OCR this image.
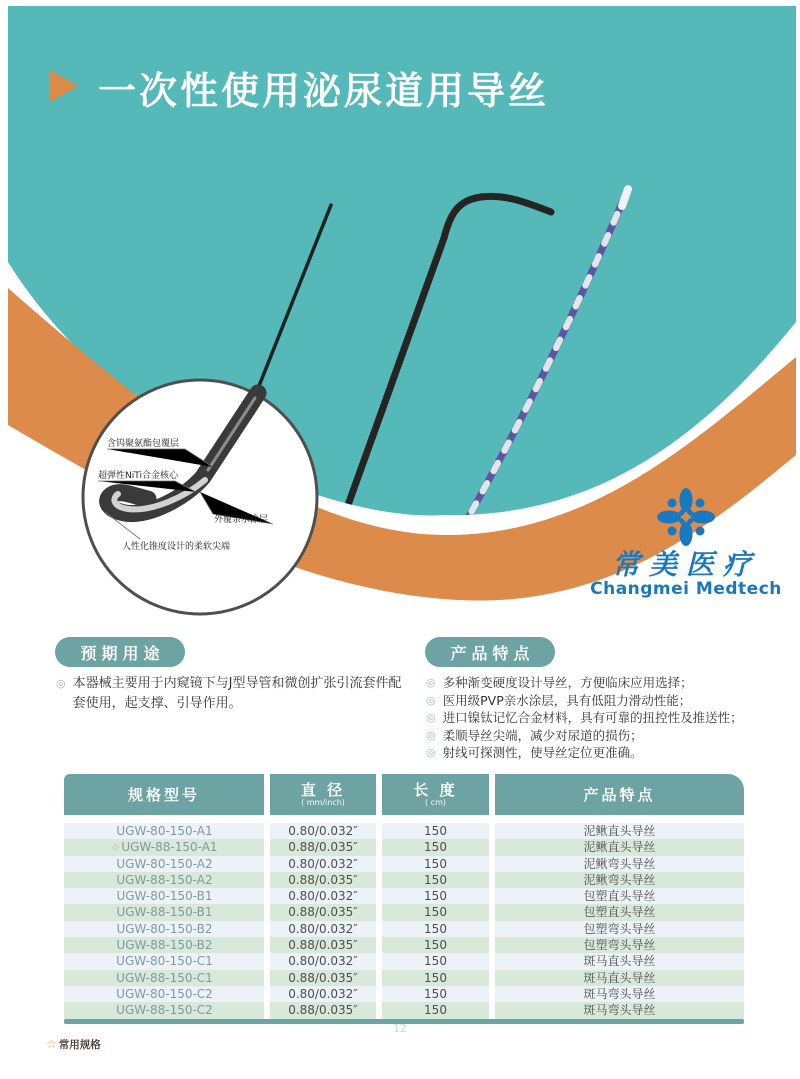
含钨聚氨酯包覆层
超弹性NiTi合金核心
外覆亲水涂层
人性化锥度设计的柔软尖端
一次性使用泌尿道用导丝
常美医疗
Changmei Medtech
预期用途
◎ 本器械主要用于内窥镜下与J型导管和微创扩张引流套件配套使用，起支撑、引导作用。

产品特点
◎ 多种渐变硬度设计导丝，方便临床应用选择；
◎ 医用级PVP亲水涂层，具有低阻力滑动性能；
◎ 进口镍钛记忆合金材料，具有可靠的扭控性及推送性；
◎ 柔顺导丝尖端，减少对尿道的损伤；
◎ 射线可探测性，使导丝定位更准确。
规格型号	直 径
( mm/inch)
长 度
( cm)	产品特点
UGW-80-150-A1	0.80/0.032″	150	泥鳅直头导丝
☆UGW-88-150-A1	0.88/0.035″	150	泥鳅直头导丝
UGW-80-150-A2	0.80/0.032″	150	泥鳅弯头导丝
UGW-88-150-A2	0.88/0.035″	150	泥鳅弯头导丝
UGW-80-150-B1	0.80/0.032″	150	包塑直头导丝
UGW-88-150-B1	0.88/0.035″	150	包塑直头导丝
UGW-80-150-B2	0.80/0.032″	150	包塑弯头导丝
UGW-88-150-B2	0.88/0.035″	150	包塑弯头导丝
UGW-80-150-C1	0.80/0.032″	150	斑马直头导丝
UGW-88-150-C1	0.88/0.035″	150	斑马直头导丝
UGW-80-150-C2	0.80/0.032″	150	斑马弯头导丝
UGW-88-150-C2	0.88/0.035″	150	斑马弯头导丝
12
☆ 常用规格
